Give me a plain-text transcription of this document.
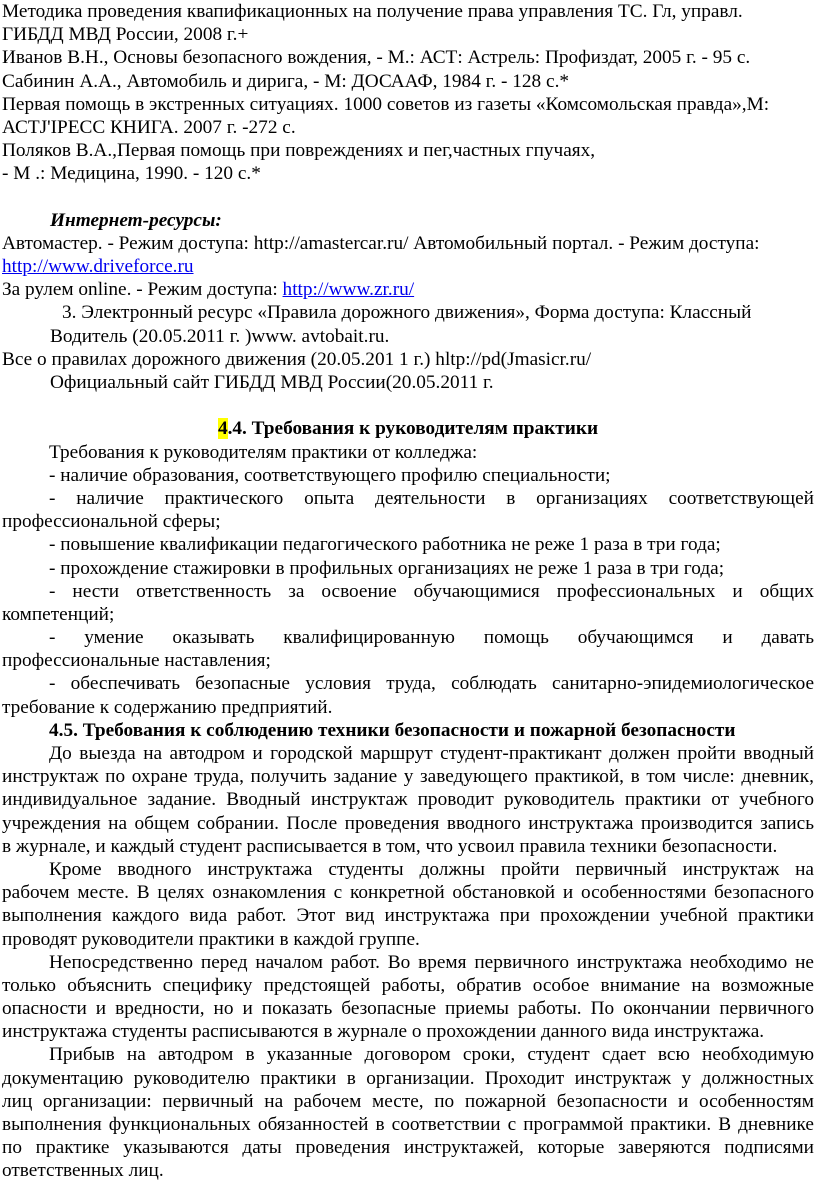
Методика проведения квапификационных на получение права управления ТС. Гл, управл.
ГИБДД МВД России, 2008 г.+
Иванов В.Н., Основы безопасного вождения, - М.: АСТ: Астрель: Профиздат, 2005 г. - 95 с.
Сабинин А.А., Автомобиль и дирига, - М: ДОСААФ, 1984 г. - 128 с.*
Первая помощь в экстренных ситуациях. 1000 советов из газеты «Комсомольская правда»,М:
АСТJ'IРЕСС КНИГА. 2007 г. -272 с.
Поляков В.А.,Первая помощь при повреждениях и пег,частных гпучаях,
- М .: Медицина, 1990. - 120 с.*
Интернет-ресурсы:
Автомастер. - Режим доступа: http://amastercar.ru/ Автомобильный портал. - Режим доступа:
http://www.driveforce.ru
За рулем online. - Режим доступа: http://www.zr.ru/
3. Электронный ресурс «Правила дорожного движения», Форма доступа: Классный
Водитель (20.05.2011 г. )www. avtobait.ru.
Все о правилах дорожного движения (20.05.201 1 г.) hltp://pd(Jmasicr.ru/
Официальный сайт ГИБДД МВД России(20.05.2011 г.
4.4. Требования к руководителям практики
Требования к руководителям практики от колледжа:
- наличие образования, соответствующего профилю специальности;
- наличие практического опыта деятельности в организациях соответствующей
профессиональной сферы;
- повышение квалификации педагогического работника не реже 1 раза в три года;
- прохождение стажировки в профильных организациях не реже 1 раза в три года;
- нести ответственность за освоение обучающимися профессиональных и общих
компетенций;
- умение оказывать квалифицированную помощь обучающимся и давать
профессиональные наставления;
- обеспечивать безопасные условия труда, соблюдать санитарно-эпидемиологическое
требование к содержанию предприятий.
4.5. Требования к соблюдению техники безопасности и пожарной безопасности
До выезда на автодром и городской маршрут студент-практикант должен пройти вводный
инструктаж по охране труда, получить задание у заведующего практикой, в том числе: дневник,
индивидуальное задание. Вводный инструктаж проводит руководитель практики от учебного
учреждения на общем собрании. После проведения вводного инструктажа производится запись
в журнале, и каждый студент расписывается в том, что усвоил правила техники безопасности.
Кроме вводного инструктажа студенты должны пройти первичный инструктаж на
рабочем месте. В целях ознакомления с конкретной обстановкой и особенностями безопасного
выполнения каждого вида работ. Этот вид инструктажа при прохождении учебной практики
проводят руководители практики в каждой группе.
Непосредственно перед началом работ. Во время первичного инструктажа необходимо не
только объяснить специфику предстоящей работы, обратив особое внимание на возможные
опасности и вредности, но и показать безопасные приемы работы. По окончании первичного
инструктажа студенты расписываются в журнале о прохождении данного вида инструктажа.
Прибыв на автодром в указанные договором сроки, студент сдает всю необходимую
документацию руководителю практики в организации. Проходит инструктаж у должностных
лиц организации: первичный на рабочем месте, по пожарной безопасности и особенностям
выполнения функциональных обязанностей в соответствии с программой практики. В дневнике
по практике указываются даты проведения инструктажей, которые заверяются подписями
ответственных лиц.
